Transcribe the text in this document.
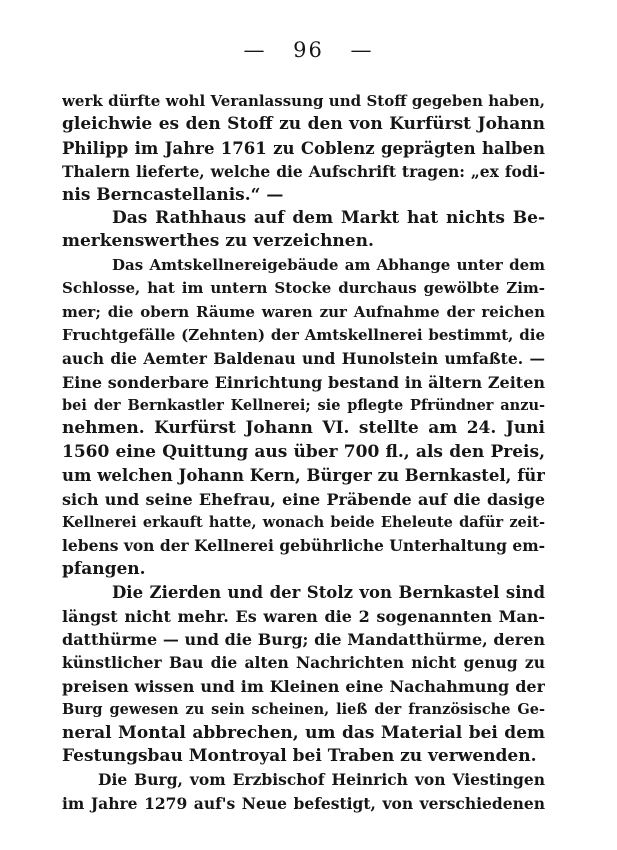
— 96 —
werk dürfte wohl Veranlassung und Stoff gegeben haben,
gleichwie es den Stoff zu den von Kurfürst Johann
Philipp im Jahre 1761 zu Coblenz geprägten halben
Thalern lieferte, welche die Aufschrift tragen: „ex fodi-
nis Berncastellanis.“ —
Das Rathhaus auf dem Markt hat nichts Be-
merkenswerthes zu verzeichnen.
Das Amtskellnereigebäude am Abhange unter dem
Schlosse, hat im untern Stocke durchaus gewölbte Zim-
mer; die obern Räume waren zur Aufnahme der reichen
Fruchtgefälle (Zehnten) der Amtskellnerei bestimmt, die
auch die Aemter Baldenau und Hunolstein umfaßte. —
Eine sonderbare Einrichtung bestand in ältern Zeiten
bei der Bernkastler Kellnerei; sie pflegte Pfründner anzu-
nehmen. Kurfürst Johann VI. stellte am 24. Juni
1560 eine Quittung aus über 700 fl., als den Preis,
um welchen Johann Kern, Bürger zu Bernkastel, für
sich und seine Ehefrau, eine Präbende auf die dasige
Kellnerei erkauft hatte, wonach beide Eheleute dafür zeit-
lebens von der Kellnerei gebührliche Unterhaltung em-
pfangen.
Die Zierden und der Stolz von Bernkastel sind
längst nicht mehr. Es waren die 2 sogenannten Man-
datthürme — und die Burg; die Mandatthürme, deren
künstlicher Bau die alten Nachrichten nicht genug zu
preisen wissen und im Kleinen eine Nachahmung der
Burg gewesen zu sein scheinen, ließ der französische Ge-
neral Montal abbrechen, um das Material bei dem
Festungsbau Montroyal bei Traben zu verwenden.
Die Burg, vom Erzbischof Heinrich von Viestingen
im Jahre 1279 auf's Neue befestigt, von verschiedenen
